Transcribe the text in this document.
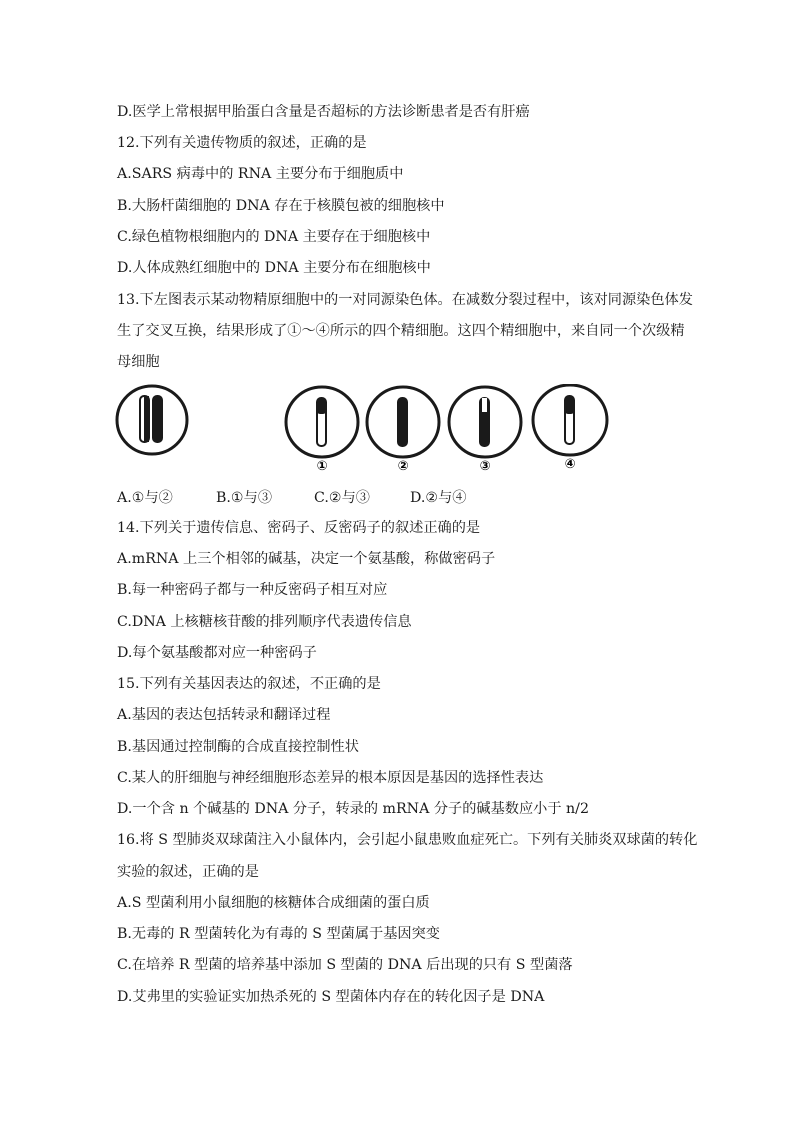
D.医学上常根据甲胎蛋白含量是否超标的方法诊断患者是否有肝癌
12.下列有关遗传物质的叙述，正确的是
A.SARS 病毒中的 RNA 主要分布于细胞质中
B.大肠杆菌细胞的 DNA 存在于核膜包被的细胞核中
C.绿色植物根细胞内的 DNA 主要存在于细胞核中
D.人体成熟红细胞中的 DNA 主要分布在细胞核中
13.下左图表示某动物精原细胞中的一对同源染色体。在减数分裂过程中，该对同源染色体发
生了交叉互换，结果形成了①～④所示的四个精细胞。这四个精细胞中，来自同一个次级精
母细胞
①	②	③	④
A.①与②	B.①与③	C.②与③	D.②与④
14.下列关于遗传信息、密码子、反密码子的叙述正确的是
A.mRNA 上三个相邻的碱基，决定一个氨基酸，称做密码子
B.每一种密码子都与一种反密码子相互对应
C.DNA 上核糖核苷酸的排列顺序代表遗传信息
D.每个氨基酸都对应一种密码子
15.下列有关基因表达的叙述，不正确的是
A.基因的表达包括转录和翻译过程
B.基因通过控制酶的合成直接控制性状
C.某人的肝细胞与神经细胞形态差异的根本原因是基因的选择性表达
D.一个含 n 个碱基的 DNA 分子，转录的 mRNA 分子的碱基数应小于 n/2
16.将 S 型肺炎双球菌注入小鼠体内，会引起小鼠患败血症死亡。下列有关肺炎双球菌的转化
实验的叙述，正确的是
A.S 型菌利用小鼠细胞的核糖体合成细菌的蛋白质
B.无毒的 R 型菌转化为有毒的 S 型菌属于基因突变
C.在培养 R 型菌的培养基中添加 S 型菌的 DNA 后出现的只有 S 型菌落
D.艾弗里的实验证实加热杀死的 S 型菌体内存在的转化因子是 DNA
